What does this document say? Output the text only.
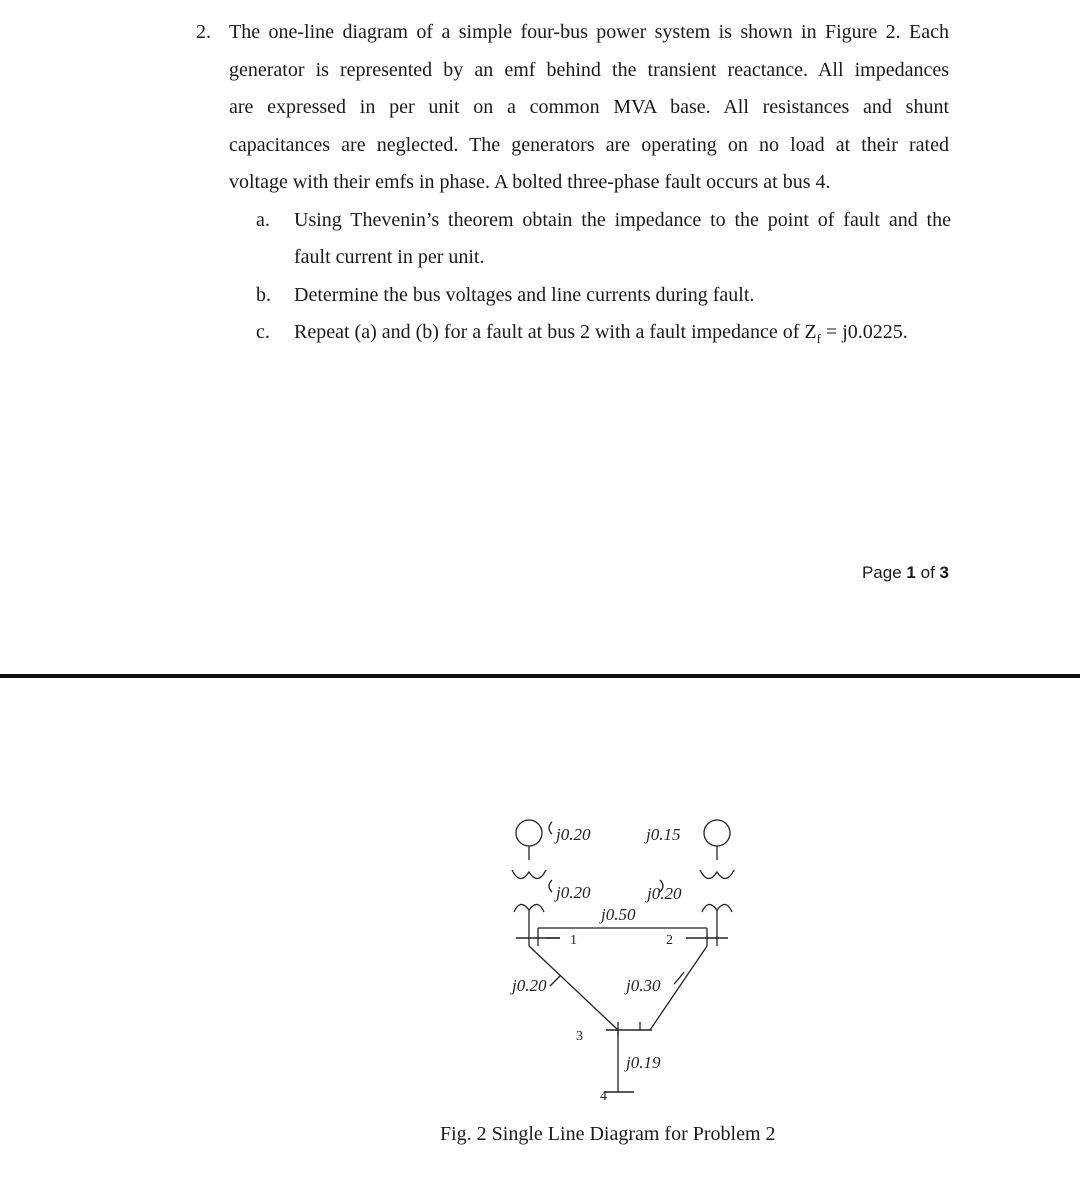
2. The one-line diagram of a simple four-bus power system is shown in Figure 2. Each
generator is represented by an emf behind the transient reactance. All impedances
are expressed in per unit on a common MVA base. All resistances and shunt
capacitances are neglected. The generators are operating on no load at their rated
voltage with their emfs in phase. A bolted three-phase fault occurs at bus 4.
a. Using Thevenin’s theorem obtain the impedance to the point of fault and the
fault current in per unit.
b. Determine the bus voltages and line currents during fault.
c. Repeat (a) and (b) for a fault at bus 2 with a fault impedance of $Z_f = j0.0225$.
Page 1 of 3
j0.20	j0.15
j0.20	j0.20
j0.50
j0.20	j0.30
j0.19
1	2
3
4
Fig. 2 Single Line Diagram for Problem 2
